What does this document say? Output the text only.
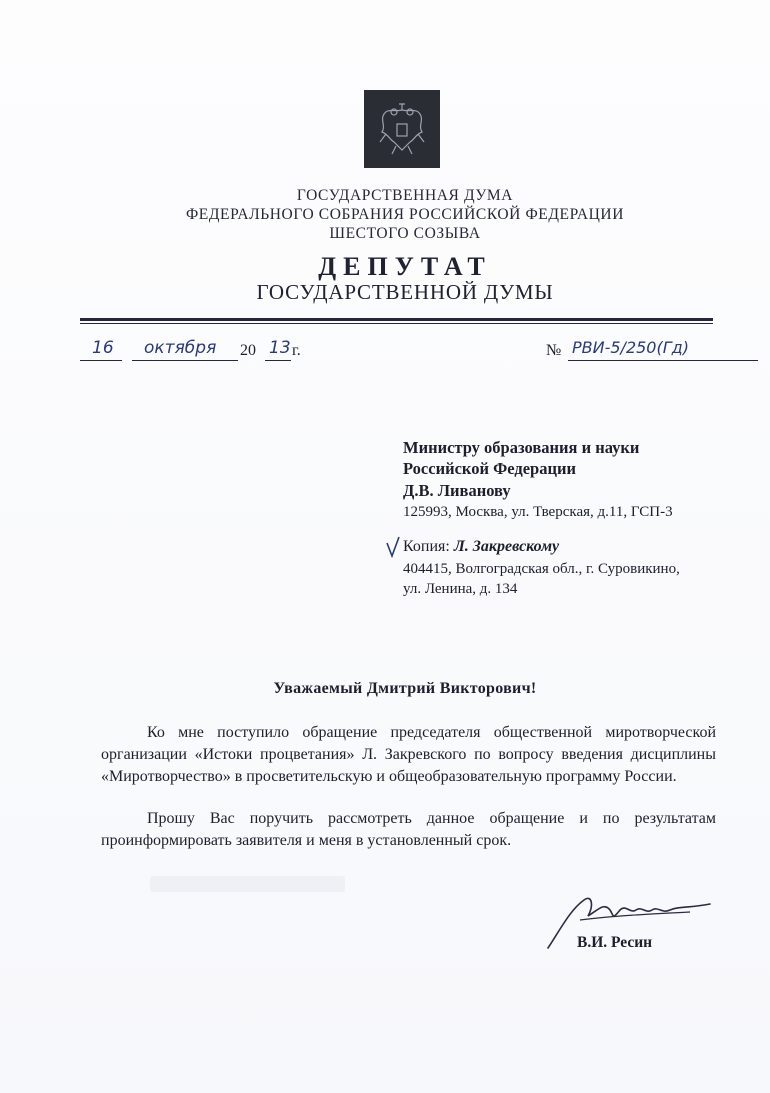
ГОСУДАРСТВЕННАЯ ДУМА
ФЕДЕРАЛЬНОГО СОБРАНИЯ РОССИЙСКОЙ ФЕДЕРАЦИИ
ШЕСТОГО СОЗЫВА
ДЕПУТАТ
ГОСУДАРСТВЕННОЙ ДУМЫ
16 октября 20 13 г.	№ РВИ-5/250(Гд)
Министру образования и науки
Российской Федерации
Д.В. Ливанову
125993, Москва, ул. Тверская, д.11, ГСП-3
Копия: Л. Закревскому
404415, Волгоградская обл., г. Суровикино,
ул. Ленина, д. 134
Уважаемый Дмитрий Викторович!
Ко мне поступило обращение председателя общественной миротворческой организации «Истоки процветания» Л. Закревского по вопросу введения дисциплины «Миротворчество» в просветительскую и общеобразовательную программу России.
Прошу Вас поручить рассмотреть данное обращение и по результатам проинформировать заявителя и меня в установленный срок.
В.И. Ресин
